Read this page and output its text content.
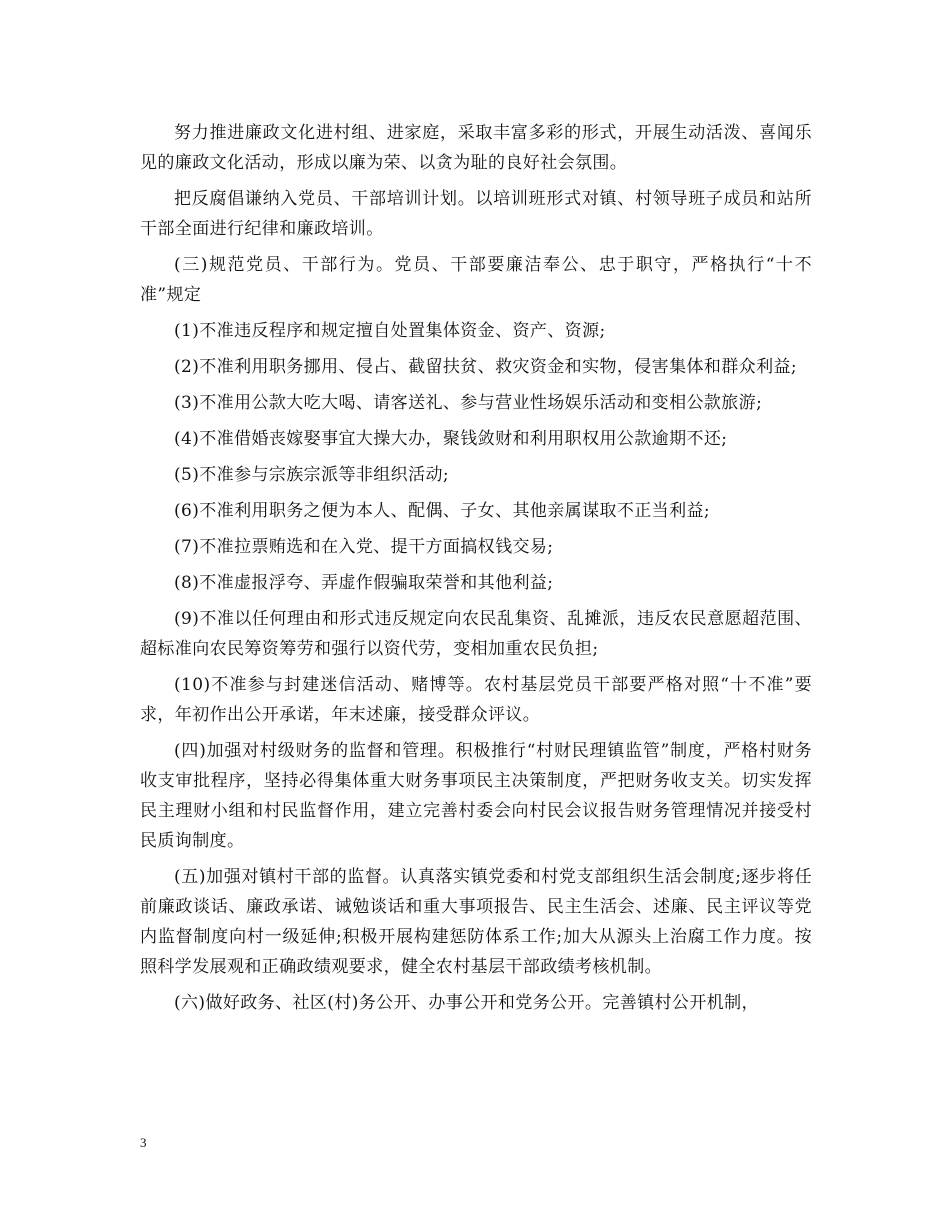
努力推进廉政文化进村组、进家庭，采取丰富多彩的形式，开展生动活泼、喜闻乐见的廉政文化活动，形成以廉为荣、以贪为耻的良好社会氛围。

把反腐倡谦纳入党员、干部培训计划。以培训班形式对镇、村领导班子成员和站所干部全面进行纪律和廉政培训。

(三)规范党员、干部行为。党员、干部要廉洁奉公、忠于职守，严格执行“十不准”规定

(1)不准违反程序和规定擅自处置集体资金、资产、资源;

(2)不准利用职务挪用、侵占、截留扶贫、救灾资金和实物，侵害集体和群众利益;

(3)不准用公款大吃大喝、请客送礼、参与营业性场娱乐活动和变相公款旅游;

(4)不准借婚丧嫁娶事宜大操大办，聚钱敛财和利用职权用公款逾期不还;

(5)不准参与宗族宗派等非组织活动;

(6)不准利用职务之便为本人、配偶、子女、其他亲属谋取不正当利益;

(7)不准拉票贿选和在入党、提干方面搞权钱交易;

(8)不准虚报浮夸、弄虚作假骗取荣誉和其他利益;

(9)不准以任何理由和形式违反规定向农民乱集资、乱摊派，违反农民意愿超范围、超标准向农民筹资筹劳和强行以资代劳，变相加重农民负担;

(10)不准参与封建迷信活动、赌博等。农村基层党员干部要严格对照“十不准”要求，年初作出公开承诺，年末述廉，接受群众评议。

(四)加强对村级财务的监督和管理。积极推行“村财民理镇监管”制度，严格村财务收支审批程序，坚持必得集体重大财务事项民主决策制度，严把财务收支关。切实发挥民主理财小组和村民监督作用，建立完善村委会向村民会议报告财务管理情况并接受村民质询制度。

(五)加强对镇村干部的监督。认真落实镇党委和村党支部组织生活会制度;逐步将任前廉政谈话、廉政承诺、诫勉谈话和重大事项报告、民主生活会、述廉、民主评议等党内监督制度向村一级延伸;积极开展构建惩防体系工作;加大从源头上治腐工作力度。按照科学发展观和正确政绩观要求，健全农村基层干部政绩考核机制。

(六)做好政务、社区(村)务公开、办事公开和党务公开。完善镇村公开机制，

3
